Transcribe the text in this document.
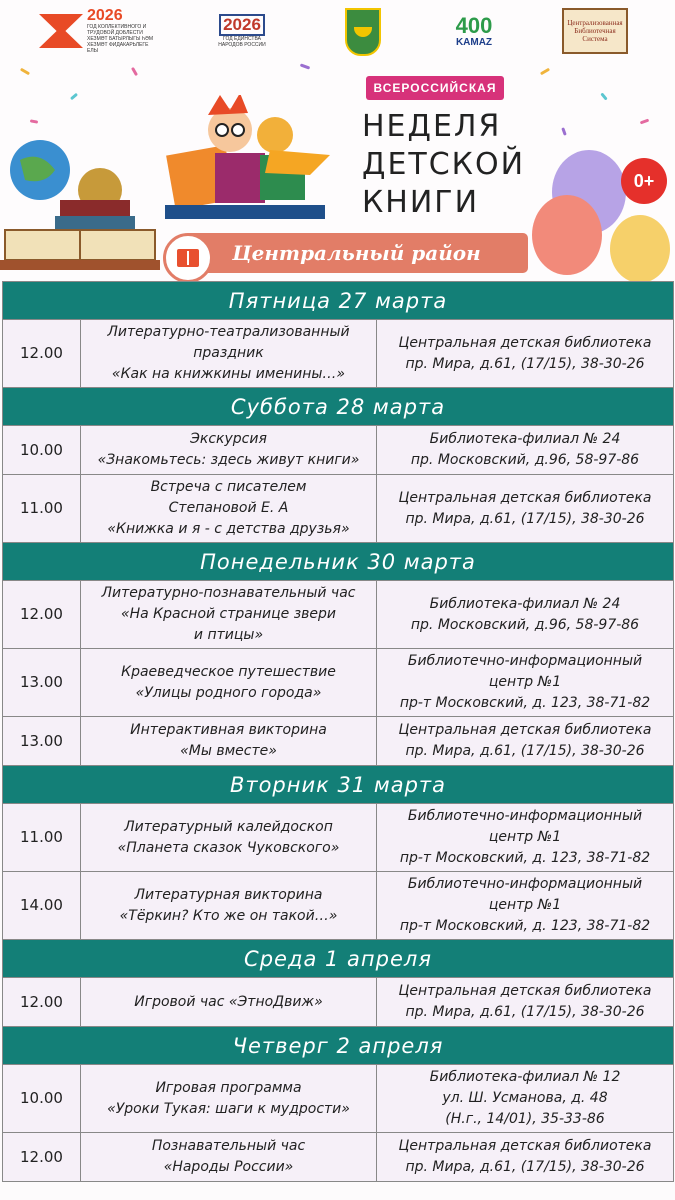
2026
ГОД КОЛЛЕКТИВНОГО И ТРУДОВОЙ ДОБЛЕСТИ
ХЕЗМӘТ БАТЫРЛЫГЫ ҺӘМ ХЕЗМӘТ ФИДАКАРЬЛЕГЕ ЕЛЫ
2026
ГОД ЕДИНСТВА НАРОДОВ РОССИИ
400
KAMAZ
Централизованная Библиотечная Система
ВСЕРОССИЙСКАЯ
НЕДЕЛЯ
ДЕТСКОЙ
КНИГИ
0+
Центральный район
Пятница 27 марта		
12.00	Литературно-театрализованный
праздник
«Как на книжкины именины…»	Центральная детская библиотека
пр. Мира, д.61, (17/15), 38-30-26

Суббота 28 марта		
10.00	Экскурсия
«Знакомьтесь: здесь живут книги»	Библиотека-филиал № 24
пр. Московский, д.96, 58-97-86

11.00	Встреча с писателем
Степановой Е. А
«Книжка и я - с детства друзья»	Центральная детская библиотека
пр. Мира, д.61, (17/15), 38-30-26

Понедельник 30 марта		
12.00	Литературно-познавательный час
«На Красной странице звери
и птицы»	Библиотека-филиал № 24
пр. Московский, д.96, 58-97-86

13.00	Краеведческое путешествие
«Улицы родного города»	Библиотечно-информационный
центр №1
пр-т Московский, д. 123, 38-71-82

13.00	Интерактивная викторина
«Мы вместе»	Центральная детская библиотека
пр. Мира, д.61, (17/15), 38-30-26

Вторник 31 марта		
11.00	Литературный калейдоскоп
«Планета сказок Чуковского»	Библиотечно-информационный
центр №1
пр-т Московский, д. 123, 38-71-82

14.00	Литературная викторина
«Тёркин? Кто же он такой…»	Библиотечно-информационный
центр №1
пр-т Московский, д. 123, 38-71-82

Среда 1 апреля		
12.00	Игровой час «ЭтноДвиж»	Центральная детская библиотека
пр. Мира, д.61, (17/15), 38-30-26

Четверг 2 апреля		
10.00	Игровая программа
«Уроки Тукая: шаги к мудрости»	Библиотека-филиал № 12
ул. Ш. Усманова, д. 48
(Н.г., 14/01), 35-33-86

12.00	Познавательный час
«Народы России»	Центральная детская библиотека
пр. Мира, д.61, (17/15), 38-30-26
